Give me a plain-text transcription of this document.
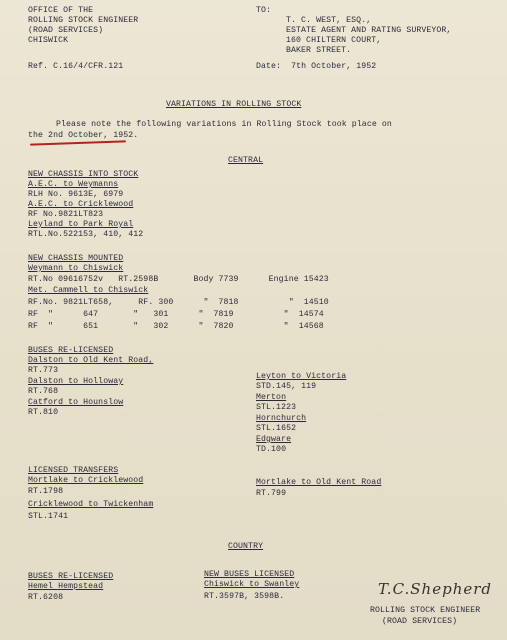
OFFICE OF THE
ROLLING STOCK ENGINEER
(ROAD SERVICES)
CHISWICK
Ref. C.16/4/CFR.121
TO:
T. C. WEST, ESQ.,
ESTATE AGENT AND RATING SURVEYOR,
160 CHILTERN COURT,
BAKER STREET.
Date:  7th October, 1952
VARIATIONS IN ROLLING STOCK
Please note the following variations in Rolling Stock took place on
the 2nd October, 1952.
CENTRAL
NEW CHASSIS INTO STOCK
A.E.C. to Weymanns
RLH No. 9613E, 6979
A.E.C. to Cricklewood
RF No.9821LT823
Leyland to Park Royal
RTL.No.522153, 410, 412
NEW CHASSIS MOUNTED
Weymann to Chiswick
RT.No 09616752v   RT.2598B       Body 7739      Engine 15423
Met. Cammell to Chiswick
RF.No. 9821LT658,     RF. 300      "  7818          "  14510
RF  "      647       "   301      "  7819          "  14574
RF  "      651       "   302      "  7820          "  14568
BUSES RE-LICENSED
Dalston to Old Kent Road,
RT.773
Dalston to Holloway
RT.768
Catford to Hounslow
RT.810
Leyton to Victoria
STD.145, 119
Merton
STL.1223
Hornchurch
STL.1652
Edgware
TD.100
LICENSED TRANSFERS
Mortlake to Cricklewood
RT.1798
Cricklewood to Twickenham
STL.1741
Mortlake to Old Kent Road
RT.799
COUNTRY
BUSES RE-LICENSED
Hemel Hempstead
RT.6208
NEW BUSES LICENSED
Chiswick to Swanley
RT.3597B, 3598B.	T.C.Shepherd
ROLLING STOCK ENGINEER
(ROAD SERVICES)
